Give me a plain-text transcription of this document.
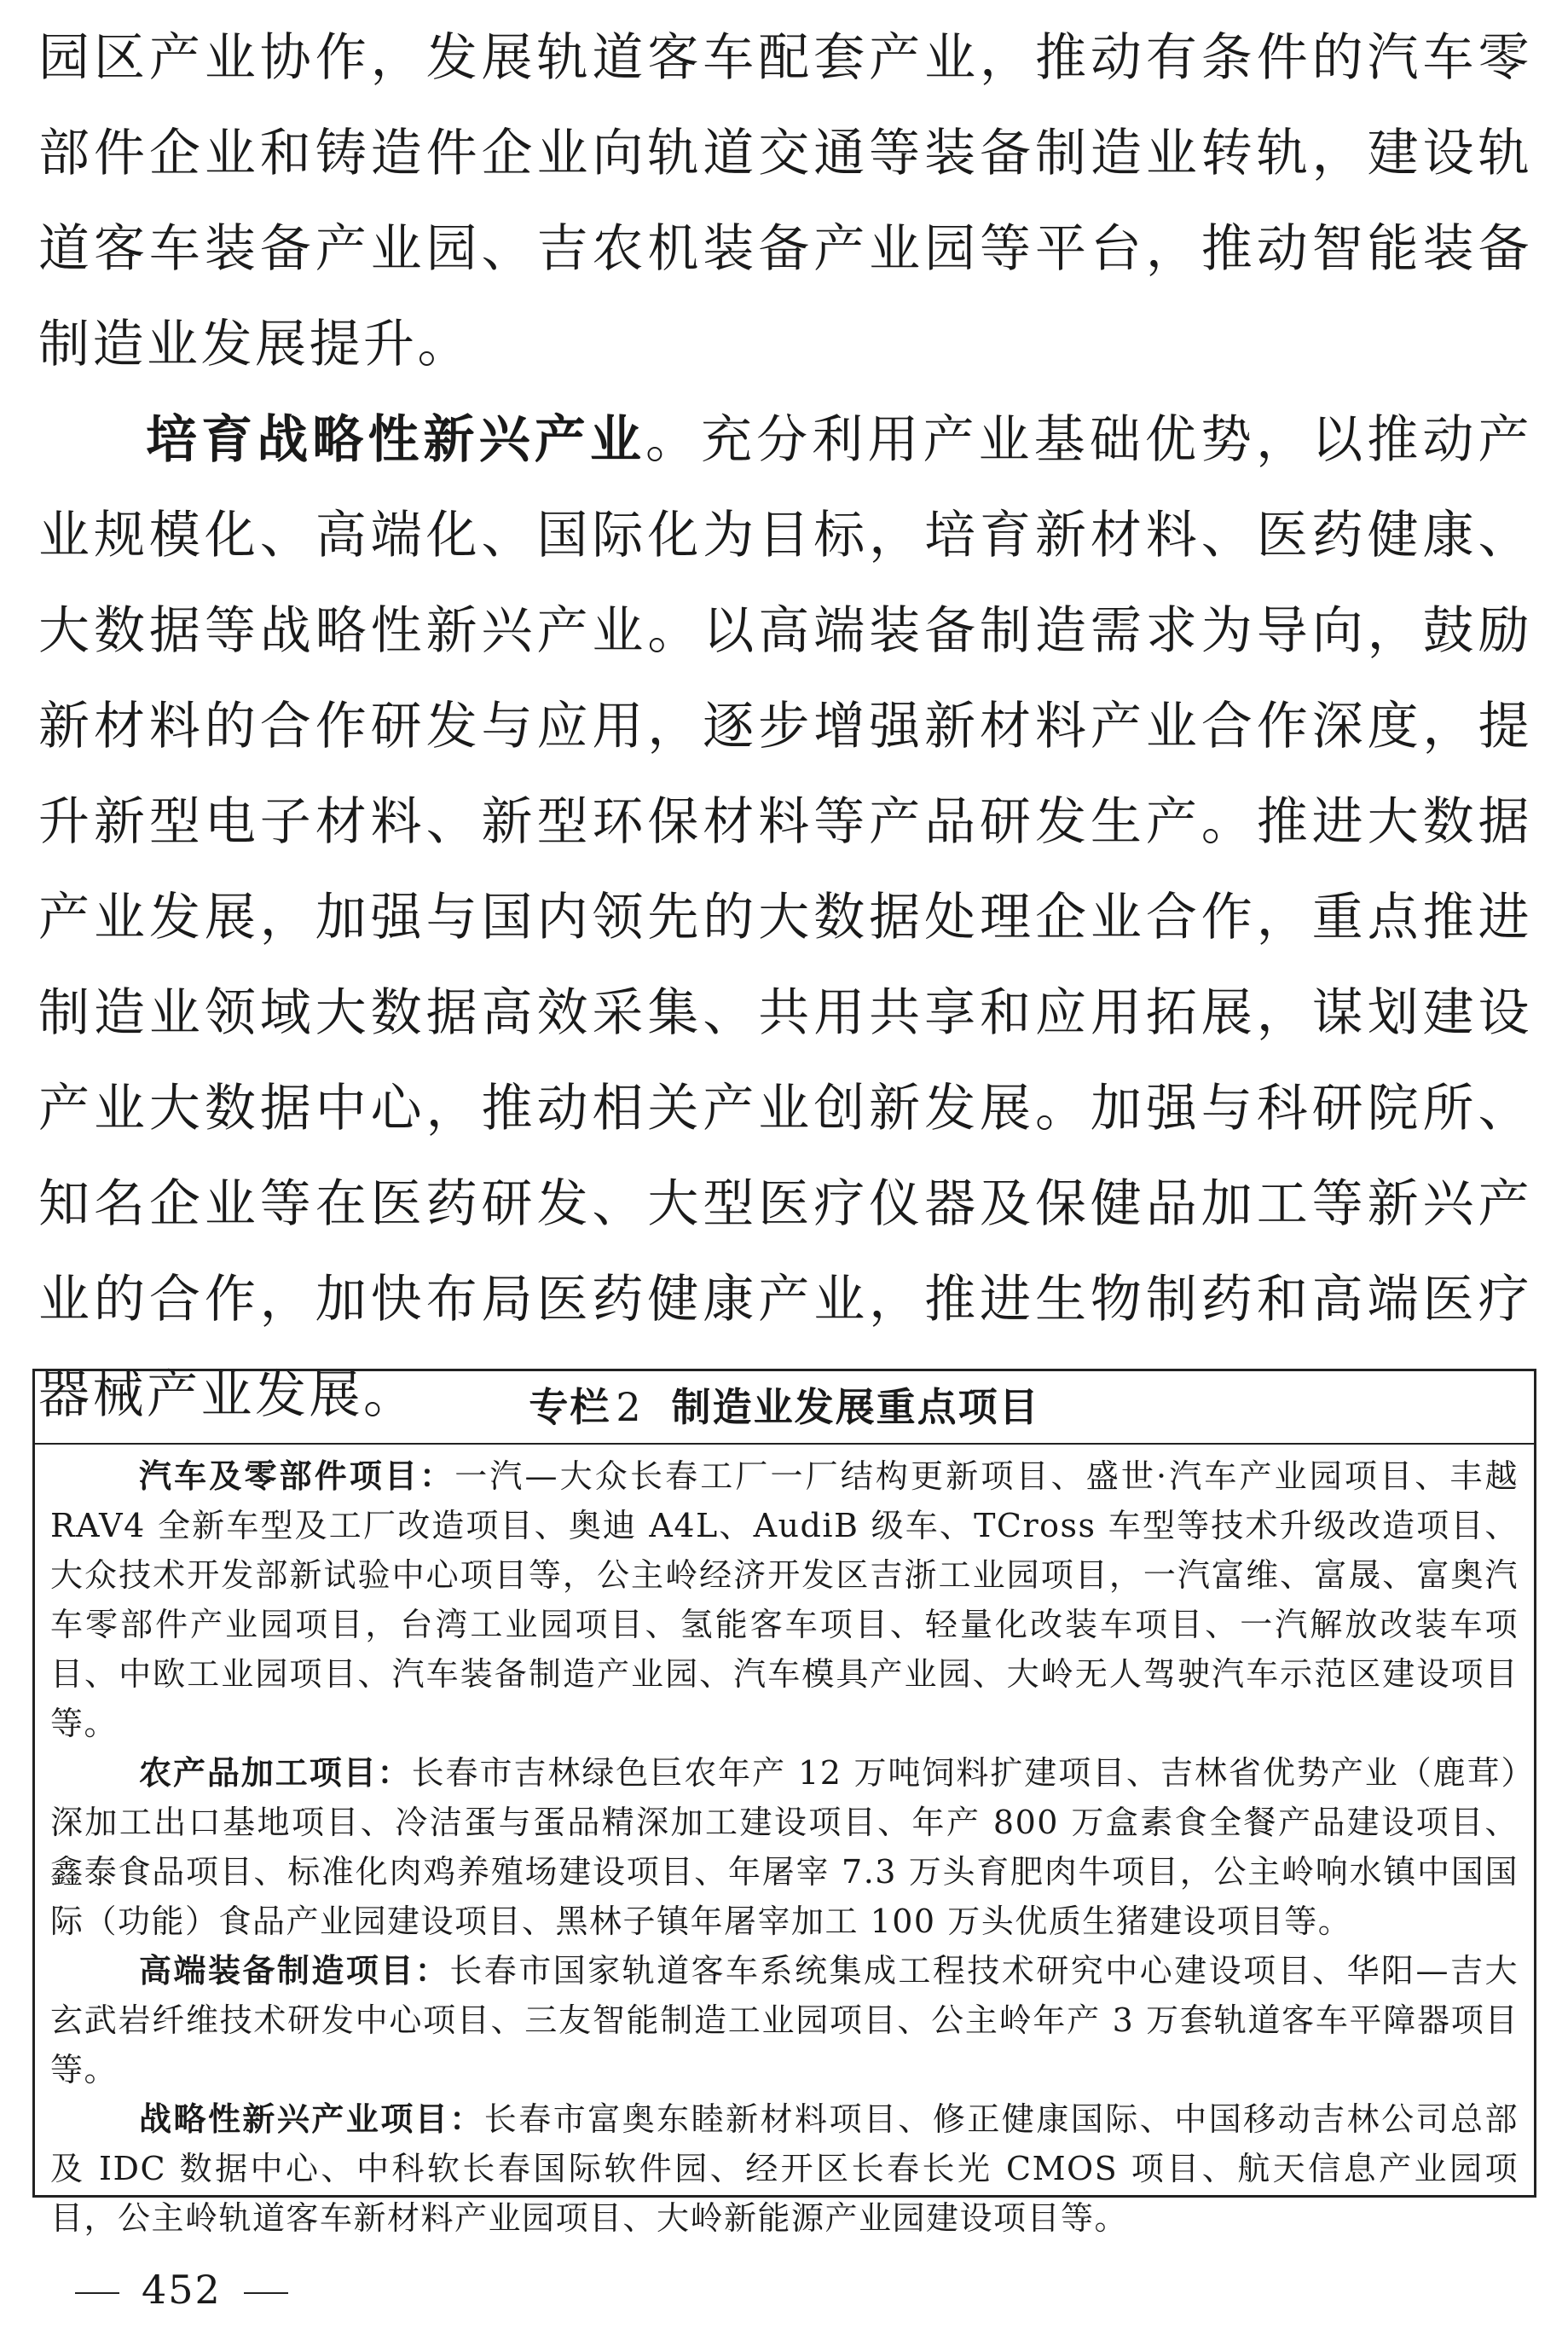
园区产业协作，发展轨道客车配套产业，推动有条件的汽车零部件企业和铸造件企业向轨道交通等装备制造业转轨，建设轨道客车装备产业园、吉农机装备产业园等平台，推动智能装备制造业发展提升。

培育战略性新兴产业。充分利用产业基础优势，以推动产业规模化、高端化、国际化为目标，培育新材料、医药健康、大数据等战略性新兴产业。以高端装备制造需求为导向，鼓励新材料的合作研发与应用，逐步增强新材料产业合作深度，提升新型电子材料、新型环保材料等产品研发生产。推进大数据产业发展，加强与国内领先的大数据处理企业合作，重点推进制造业领域大数据高效采集、共用共享和应用拓展，谋划建设产业大数据中心，推动相关产业创新发展。加强与科研院所、知名企业等在医药研发、大型医疗仪器及保健品加工等新兴产业的合作，加快布局医药健康产业，推进生物制药和高端医疗器械产业发展。	专栏 2 制造业发展重点项目

汽车及零部件项目：一汽—大众长春工厂一厂结构更新项目、盛世·汽车产业园项目、丰越 RAV4 全新车型及工厂改造项目、奥迪 A4L、AudiB 级车、TCross 车型等技术升级改造项目、大众技术开发部新试验中心项目等，公主岭经济开发区吉浙工业园项目，一汽富维、富晟、富奥汽车零部件产业园项目，台湾工业园项目、氢能客车项目、轻量化改装车项目、一汽解放改装车项目、中欧工业园项目、汽车装备制造产业园、汽车模具产业园、大岭无人驾驶汽车示范区建设项目等。

农产品加工项目：长春市吉林绿色巨农年产 12 万吨饲料扩建项目、吉林省优势产业（鹿茸）深加工出口基地项目、冷洁蛋与蛋品精深加工建设项目、年产 800 万盒素食全餐产品建设项目、鑫泰食品项目、标准化肉鸡养殖场建设项目、年屠宰 7.3 万头育肥肉牛项目，公主岭响水镇中国国际（功能）食品产业园建设项目、黑林子镇年屠宰加工 100 万头优质生猪建设项目等。

高端装备制造项目：长春市国家轨道客车系统集成工程技术研究中心建设项目、华阳—吉大玄武岩纤维技术研发中心项目、三友智能制造工业园项目、公主岭年产 3 万套轨道客车平障器项目等。

战略性新兴产业项目：长春市富奥东睦新材料项目、修正健康国际、中国移动吉林公司总部及 IDC 数据中心、中科软长春国际软件园、经开区长春长光 CMOS 项目、航天信息产业园项目，公主岭轨道客车新材料产业园项目、大岭新能源产业园建设项目等。

452
